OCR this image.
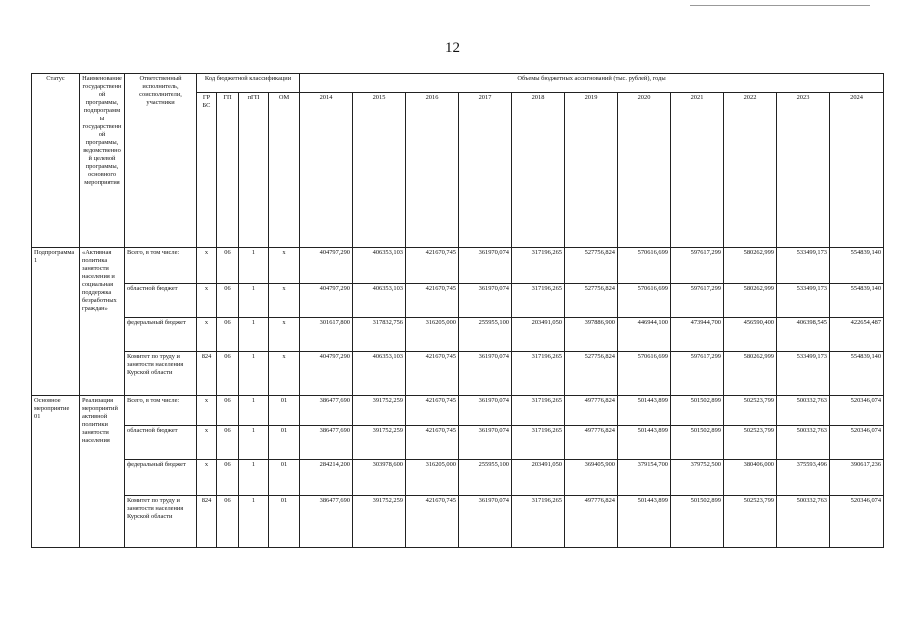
12
Статус	Наименование государственной программы, подпрограммы государственной программы, ведомственной целевой программы, основного мероприятия	Ответственный исполнитель, соисполнители, участники	Код бюджетной классификации				Объемы бюджетных ассигнований (тыс. рублей), годы										
			ГР БС	ГП	пГП	ОМ	2014	2015	2016	2017	2018	2019	2020	2021	2022	2023	2024
Подпрограмма 1	«Активная политика занятости населения и социальная поддержка безработных граждан»	Всего, в том числе:	x	06	1	x	404797,290	406353,103	421670,745	361970,074	317196,265	527756,824	570616,699	597617,299	580262,999	533499,173	554839,140
		областной бюджет	x	06	1	x	404797,290	406353,103	421670,745	361970,074	317196,265	527756,824	570616,699	597617,299	580262,999	533499,173	554839,140
		федеральный бюджет	x	06	1	x	301617,800	317832,756	316205,000	255955,100	203491,050	397886,900	446944,100	473944,700	456590,400	406398,545	422654,487
		Комитет по труду и занятости населения Курской области	824	06	1	x	404797,290	406353,103	421670,745	361970,074	317196,265	527756,824	570616,699	597617,299	580262,999	533499,173	554839,140
Основное мероприятие 01	Реализация мероприятий активной политики занятости населения	Всего, в том числе:	x	06	1	01	386477,690	391752,259	421670,745	361970,074	317196,265	497776,824	501443,899	501502,899	502523,799	500332,763	520346,074
		областной бюджет	x	06	1	01	386477,690	391752,259	421670,745	361970,074	317196,265	497776,824	501443,899	501502,899	502523,799	500332,763	520346,074
		федеральный бюджет	x	06	1	01	284214,200	303978,600	316205,000	255955,100	203491,050	369405,900	379154,700	379752,500	380406,000	375593,496	390617,236
		Комитет по труду и занятости населения Курской области	824	06	1	01	386477,690	391752,259	421670,745	361970,074	317196,265	497776,824	501443,899	501502,899	502523,799	500332,763	520346,074
